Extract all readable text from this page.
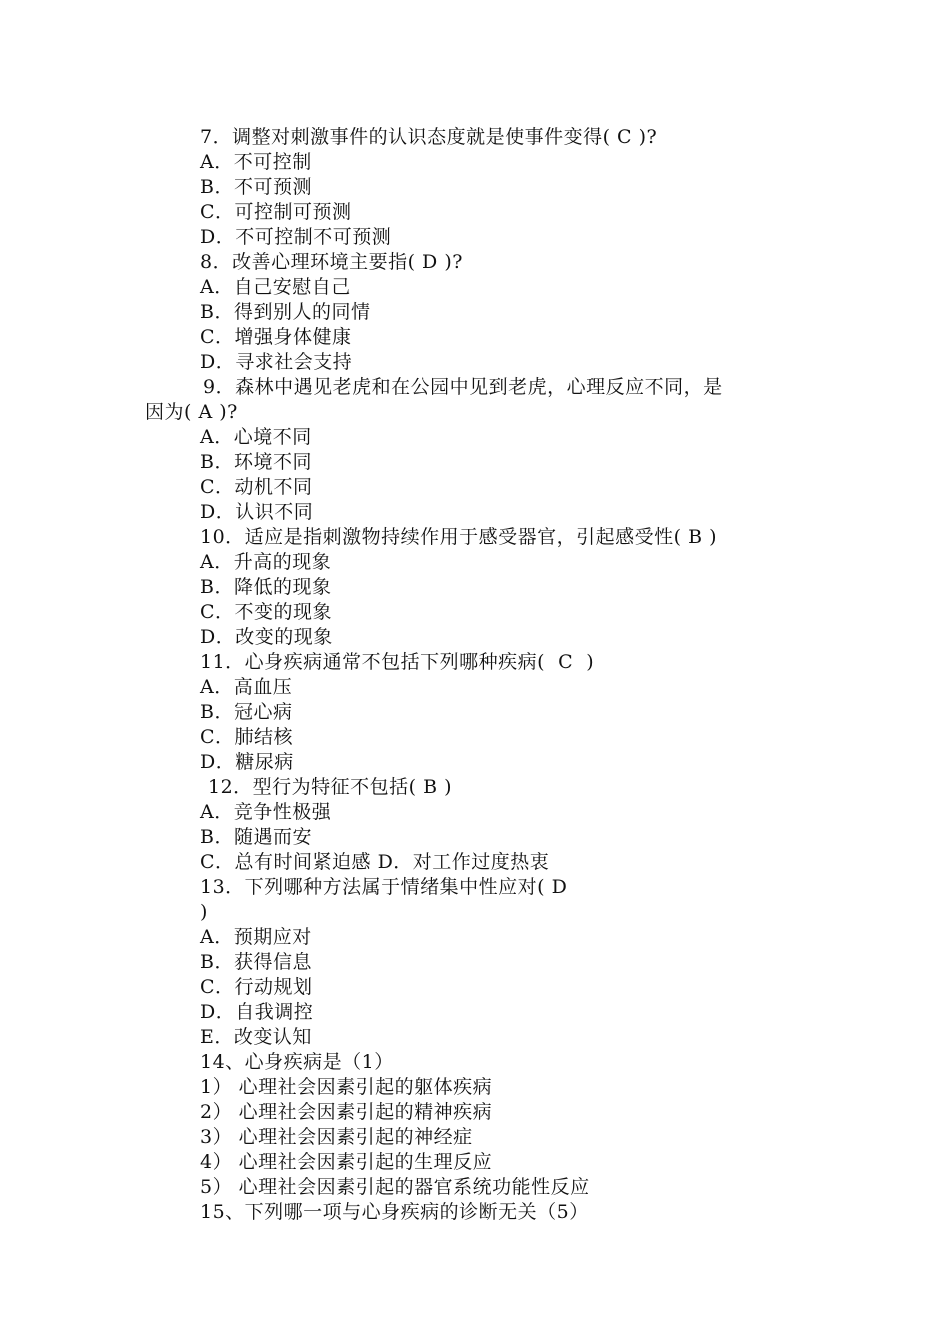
7．调整对刺激事件的认识态度就是使事件变得( C )?
A．不可控制
B．不可预测
C．可控制可预测
D．不可控制不可预测
8．改善心理环境主要指( D )?
A．自己安慰自己
B．得到别人的同情
C．增强身体健康
D．寻求社会支持
9．森林中遇见老虎和在公园中见到老虎，心理反应不同，是
因为( A )?
A．心境不同
B．环境不同
C．动机不同
D．认识不同
10．适应是指刺激物持续作用于感受器官，引起感受性( B )
A．升高的现象
B．降低的现象
C．不变的现象
D．改变的现象
11．心身疾病通常不包括下列哪种疾病(  C  )
A．高血压
B．冠心病
C．肺结核
D．糖尿病
12．型行为特征不包括( B )
A．竞争性极强
B．随遇而安
C．总有时间紧迫感 D．对工作过度热衷
13．下列哪种方法属于情绪集中性应对( D
)
A．预期应对
B．获得信息
C．行动规划
D．自我调控
E．改变认知
14、心身疾病是（1）
1） 心理社会因素引起的躯体疾病
2） 心理社会因素引起的精神疾病
3） 心理社会因素引起的神经症
4） 心理社会因素引起的生理反应
5） 心理社会因素引起的器官系统功能性反应
15、下列哪一项与心身疾病的诊断无关（5）
